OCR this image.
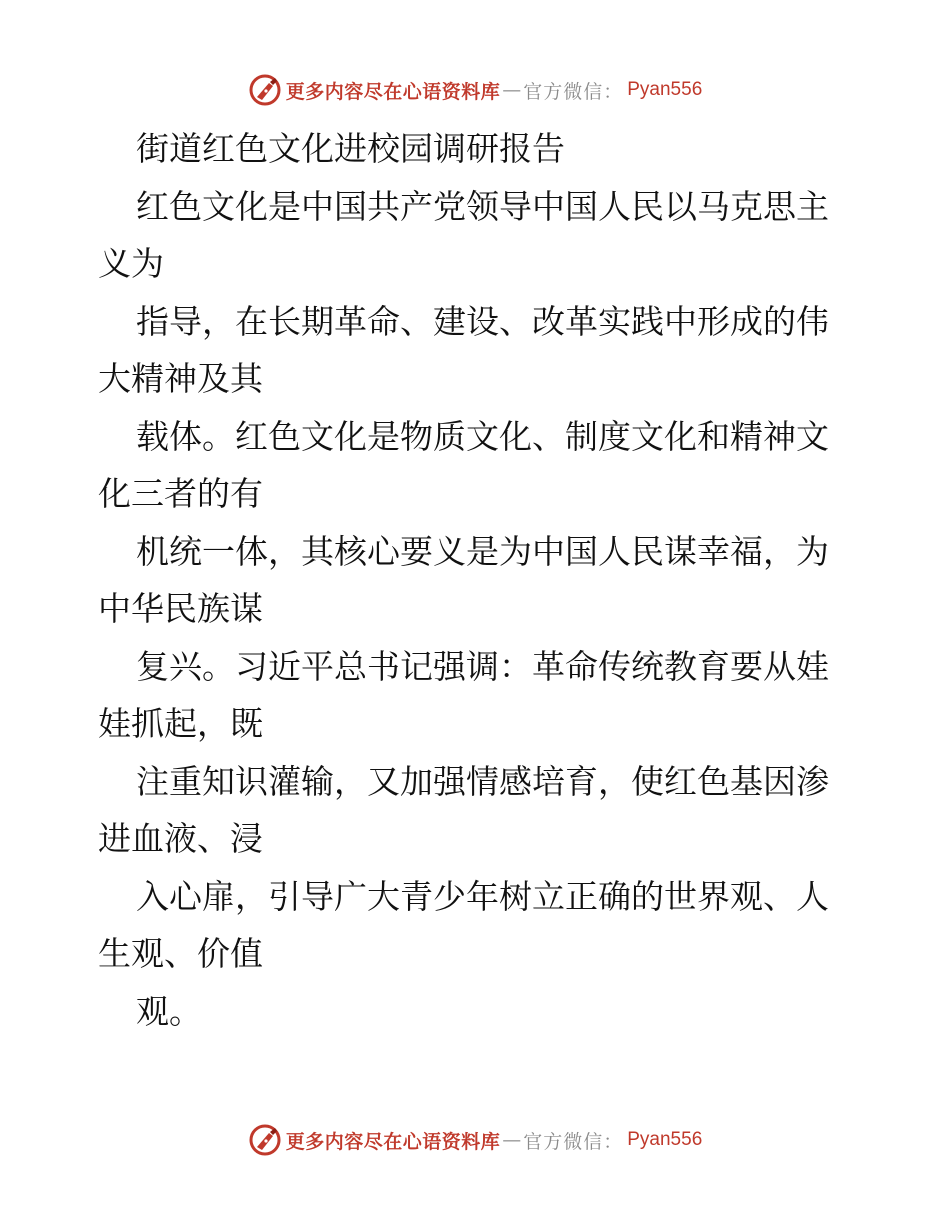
更多内容尽在心语资料库 — 官方微信： Pyan556
街道红色文化进校园调研报告
红色文化是中国共产党领导中国人民以马克思主
义为
指导，在长期革命、建设、改革实践中形成的伟
大精神及其
载体。红色文化是物质文化、制度文化和精神文
化三者的有
机统一体，其核心要义是为中国人民谋幸福，为
中华民族谋
复兴。习近平总书记强调：革命传统教育要从娃
娃抓起，既
注重知识灌输，又加强情感培育，使红色基因渗
进血液、浸
入心扉，引导广大青少年树立正确的世界观、人
生观、价值
观。
更多内容尽在心语资料库 — 官方微信： Pyan556
